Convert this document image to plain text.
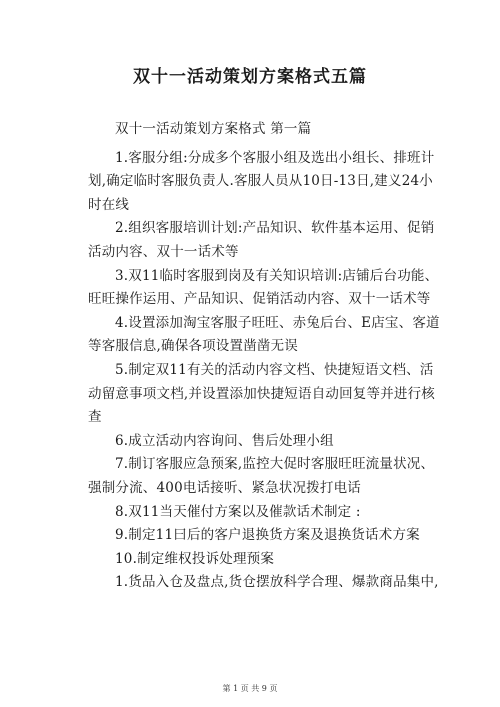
双十一活动策划方案格式五篇

双十一活动策划方案格式 第一篇

1.客服分组:分成多个客服小组及选出小组长、排班计划,确定临时客服负责人.客服人员从10日-13日,建义24小时在线

2.组织客服培训计划:产品知识、软件基本运用、促销活动内容、双十一话术等

3.双11临时客服到岗及有关知识培训:店铺后台功能、旺旺操作运用、产品知识、促销活动内容、双十一话术等

4.设置添加淘宝客服子旺旺、赤兔后台、E店宝、客道等客服信息,确保各项设置凿凿无误

5.制定双11有关的活动内容文档、快捷短语文档、活动留意事项文档,并设置添加快捷短语自动回复等并进行核查

6.成立活动内容询问、售后处理小组

7.制订客服应急预案,监控大促时客服旺旺流量状况、强制分流、400电话接听、紧急状况拨打电话

8.双11当天催付方案以及催款话术制定 :

9.制定11曰后的客户退换货方案及退换货话术方案

10.制定维权投诉处理预案

1.货品入仓及盘点,货仓摆放科学合理、爆款商品集中,

第 1 页 共 9 页
